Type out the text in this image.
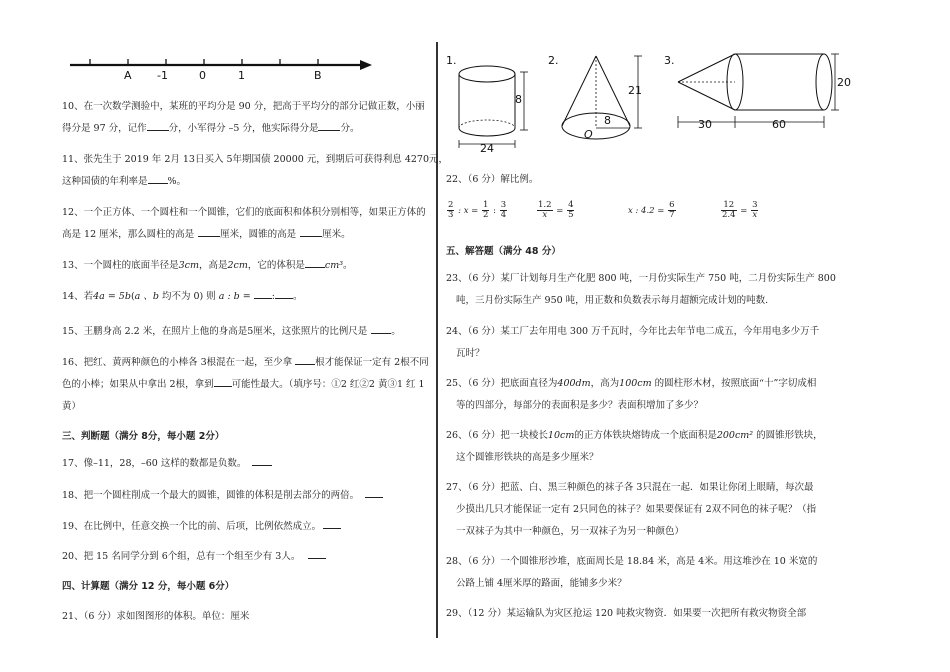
A -1	0	1	B
10、在一次数学测验中，某班的平均分是 90 分，把高于平均分的部分记做正数，小丽
得分是 97 分，记作 分，小军得分 –5 分，他实际得分是 分。
11、张先生于 2019 年 2月 13日买入 5年期国债 20000 元，到期后可获得利息 4270元，
这种国债的年利率是 %。
12、一个正方体、一个圆柱和一个圆锥，它们的底面积和体积分别相等，如果正方体的
高是 12 厘米，那么圆柱的高是	厘米，圆锥的高是	厘米。
13、一个圆柱的底面半径是3cm，高是2cm，它的体积是 cm³。
14、若4a = 5b(a 、b 均不为 0) 则 a : b = : 。
15、王鹏身高 2.2 米，在照片上他的身高是5厘米，这张照片的比例尺是	。
16、把红、黄两种颜色的小棒各 3根混在一起，至少拿 根才能保证一定有 2根不同
色的小棒；如果从中拿出 2根，拿到 可能性最大。（填序号：①2 红②2 黄③1 红 1
黄）
三、判断题（满分 8分，每小题 2分）
17、像–11，28，–60 这样的数都是负数。
18、把一个圆柱削成一个最大的圆锥，圆锥的体积是削去部分的两倍。
19、在比例中，任意交换一个比的前、后项，比例依然成立。
20、把 15 名同学分到 6个组，总有一个组至少有 3人。
四、计算题（满分 12 分，每小题 6分）
21、（6 分）求如图图形的体积。单位：厘米
1.
8
24
2.
8
O
21
3.
20
30	60
22、（6 分）解比例。
$\frac{2}{3}$ : $x = \frac{1}{2}$ : $\frac{3}{4}$	$\frac{1.2}{x} = \frac{4}{5}$	x : $4.2 = \frac{6}{7}$	$\frac{12}{2.4} = \frac{3}{x}$
五、解答题（满分 48 分）
23、（6 分）某厂计划每月生产化肥 800 吨，一月份实际生产 750 吨，二月份实际生产 800
吨，三月份实际生产 950 吨，用正数和负数表示每月超额完成计划的吨数.
24、（6 分）某工厂去年用电 300 万千瓦时，今年比去年节电二成五，今年用电多少万千
瓦时？
25、（6 分）把底面直径为400dm，高为100cm 的圆柱形木材，按照底面“十”字切成相
等的四部分，每部分的表面积是多少？表面积增加了多少？
26、（6 分）把一块棱长10cm的正方体铁块熔铸成一个底面积是200cm² 的圆锥形铁块，
这个圆锥形铁块的高是多少厘米？
27、（6 分）把蓝、白、黑三种颜色的袜子各 3只混在一起．如果让你闭上眼睛，每次最
少摸出几只才能保证一定有 2只同色的袜子？如果要保证有 2双不同色的袜子呢？（指
一双袜子为其中一种颜色，另一双袜子为另一种颜色）
28、（6 分）一个圆锥形沙堆，底面周长是 18.84 米，高是 4米。用这堆沙在 10 米宽的
公路上铺 4厘米厚的路面，能铺多少米？
29、（12 分）某运输队为灾区抢运 120 吨救灾物资．如果要一次把所有救灾物资全部
